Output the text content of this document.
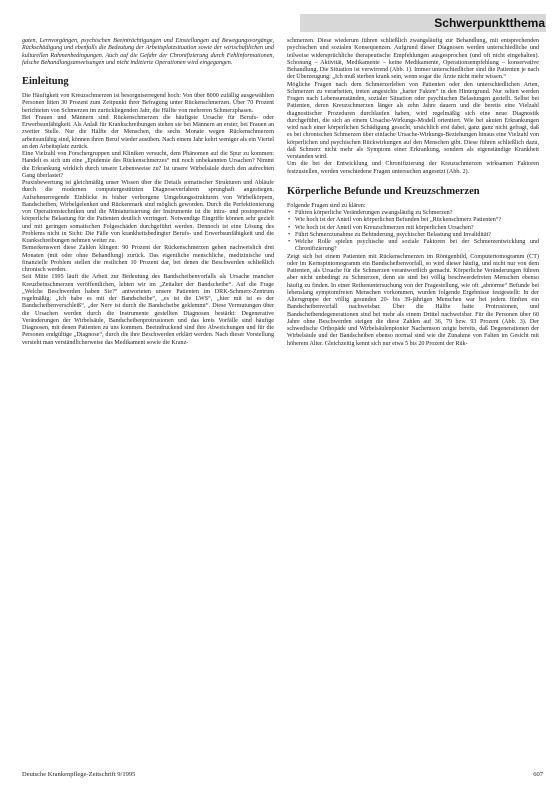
Schwerpunktthema

gaten, Lernvorgängen, psychischen Beeinträchtigungen und Einstellungen auf Bewegungsvorgänge, Rückschädigung und ebenfalls die Bedeutung der Arbeitsplatzsituation sowie der wirtschaftlichen und kulturellen Rahmenbedingungen. Auch auf die Gefahr der Chronifizierung durch Fehlinformationen, falsche Behandlungsanweisungen und nicht indizierte Operationen wird eingegangen.

Einleitung

Die Häufigkeit von Kreuzschmerzen ist besorgniserregend hoch: Von über 8000 zufällig ausgewählten Personen litten 30 Prozent zum Zeitpunkt ihrer Befragung unter Rückenschmerzen. Über 70 Prozent berichteten von Schmerzen im zurückliegenden Jahr, die Hälfte von mehreren Schmerzphasen.

Bei Frauen und Männern sind Rückenschmerzen die häufigste Ursache für Berufs- oder Erwerbsunfähigkeit. Als Anlaß für Krankschreibungen stehen sie bei Männern an erster, bei Frauen an zweiter Stelle. Nur die Hälfte der Menschen, die sechs Monate wegen Rückenschmerzen arbeitsunfähig sind, können ihren Beruf wieder ausüben. Nach einem Jahr kehrt weniger als ein Viertel an den Arbeitsplatz zurück.

Eine Vielzahl von Forschergruppen und Kliniken versucht, dem Phänomen auf die Spur zu kommen: Handelt es sich um eine „Epidemie des Rückenschmerzes“ mit noch unbekannten Ursachen? Nimmt die Erkrankung wirklich durch unsere Lebensweise zu? Ist unsere Wirbelsäule durch den aufrechten Gang überlastet?

Praxisbewertung ist gleichmäßig unser Wissen über die Details somatischer Strukturen und Abläufe durch die modernen computergestützten Diagnoseverfahren sprunghaft angestiegen. Aufsehenerregende Einblicke in bisher verborgene Umgebungsstrukturen von Wirbelkörpern, Bandscheiben, Wirbelgelenken und Rückenmark sind möglich geworden. Durch die Perfektionierung von Operationstechniken und die Miniaturisierung der Instrumente ist die intra- und postoperative körperliche Belastung für die Patienten deutlich verringert. Notwendige Eingriffe können sehr gezielt und mit geringen somatischen Folgeschäden durchgeführt werden. Dennoch ist eine Lösung des Problems nicht in Sicht: Die Fälle von krankheitsbedingter Berufs- und Erwerbsunfähigkeit und die Krankschreibungen nehmen weiter zu.

Bemerkenswert diese Zahlen klingen: 90 Prozent der Rückenschmerzen gehen nachweislich drei Monaten (mit oder ohne Behandlung) zurück. Das eigentliche menschliche, medizinische und finanzielle Problem stellen die restlichen 10 Prozent dar, bei denen die Beschwerden schließlich chronisch werden.

Seit Mitte 1995 läuft die Arbeit zur Bedeutung des Bandscheibenvorfalls als Ursache mancher Kreuzbeinschmerzen veröffentlichen, lebten wir im „Zeitalter der Bandscheibe“. Auf die Frage „Welche Beschwerden haben Sie?“ antworteten unsere Patienten im DRK-Schmerz-Zentrum regelmäßig: „Ich habe es mit der Bandscheibe“, „es ist die LWS“, „hier mit ist es der Bandscheibenverschleiß“, „der Nerv ist durch die Bandscheibe geklemmt“. Diese Vermutungen über die Ursachen werden durch die Instrumente gestellten Diagnosen bestärkt: Degenerative Veränderungen der Wirbelsäule, Bandscheibenprotrusionen und das kreis Vorfälle sind häufige Diagnosen, mit denen Patienten zu uns kommen. Beeindruckend sind ihre Abweichungen und für die Personen endgültige „Diagnose“, durch die ihre Beschwerden erklärt werden. Nach dieser Vorstellung versteht man verständlicherweise das Medikament sowie die Kranz-

schmerzen. Diese wiederum führen schließlich zwangsläufig zur Behandlung, mit entsprechenden psychischen und sozialen Konsequenzen. Aufgrund dieser Diagnosen werden unterschiedliche und teilweise widersprüchliche therapeutische Empfehlungen ausgesprochen (und oft nicht eingehalten). Schonung – Aktivität, Medikamente – keine Medikamente, Operationsempfehlung – konservative Behandlung. Die Situation ist verwirrend (Abb. 1). Immer unterschiedlicher sind die Patienten je nach der Überzeugung: „Ich muß sterben krank sein, wenn sogar die Ärzte nicht mehr wissen.“

Mögliche Fragen nach dem Schmerzerleben von Patienten oder den unterschiedlichen Arten, Schmerzen zu verarbeiten, treten angesichts „harter Fakten“ in den Hintergrund. Nur selten werden Fragen nach Lebensumständen, sozialer Situation oder psychischen Belastungen gestellt. Selbst bei Patienten, deren Kreuzschmerzen länger als zehn Jahre dauern und die bereits eine Vielzahl diagnostischer Prozeduren durchlaufen haben, wird regelmäßig sich eine neue Diagnostik durchgeführt, die sich an einem Ursache-Wirkungs-Modell orientiert. Wie bei akuten Erkrankungen wird nach einer körperlichen Schädigung gesucht, ursächlich erst dabei, ganz ganz nicht gefragt, daß es bei chronischen Schmerzen über einfache Ursache-Wirkungs-Beziehungen hinaus eine Vielzahl von körperlichen und psychischen Rückwirkungen auf den Menschen gibt. Diese führen schließlich dazu, daß Schmerz nicht mehr als Symptom einer Erkrankung, sondern als eigenständige Krankheit verstanden wird.

Um die bei der Entwicklung und Chronifizierung der Kreuzschmerzen wirksamen Faktoren festzustellen, werden verschiedene Fragen untersuchen angesetzt (Abb. 2).

Körperliche Befunde und Kreuzschmerzen

Folgende Fragen sind zu klären:

• Führen körperliche Veränderungen zwangsläufig zu Schmerzen?
• Wie hoch ist der Anteil von körperlichen Befunden bei „Rückenschmerz Patienten“?
• Wie hoch ist der Anteil von Kreuzschmerzen mit körperlichen Ursachen?
• Führt Schmerzzunahme zu Behinderung, psychischer Belastung und Invalidität?
• Welche Rolle spielen psychische und soziale Faktoren bei der Schmerzentwicklung und Chronifizierung?

Zeigt sich bei einem Patienten mit Rückenschmerzen im Röntgenbild, Computertomogramm (CT) oder im Kernspintomogramm ein Bandscheibenvorfall, so wird dieser häufig, und nicht nur von dem Patienten, als Ursache für die Schmerzen verantwortlich gemacht. Körperliche Veränderungen führen aber nicht unbedingt zu Schmerzen, denn sie sind bei völlig beschwerdefreien Menschen ebenso häufig zu finden. In einer Reihenuntersuchung von der Fragestellung, wie oft „abnorme“ Befunde bei lebenslang symptomfreien Menschen vorkommen, wurden folgende Ergebnisse festgestellt: In der Altersgruppe der völlig gesunden 20- bis 39-jährigen Menschen war bei jedem fünften ein Bandscheibenvorfall nachweisbar. Über die Hälfte hatte Protrusionen, und Bandscheibendegenerationen sind bei mehr als einem Drittel nachweisbar. Für die Personen über 60 Jahre ohne Beschwerden steigen die diese Zahlen auf 36, 79 bzw. 93 Prozent (Abb. 3). Der schwedische Orthopäde und Wirbelsäulenpionier Nachemson zeigte bereits, daß Degenerationen der Wirbelsäule und der Bandscheiben ebenso normal sind wie die Zunahme von Falten im Gesicht mit höherem Alter. Gleichzeitig kennt sich nur etwa 5 bis 20 Prozent der Rük-

Deutsche Krankenpflege-Zeitschrift 9/1995	607
